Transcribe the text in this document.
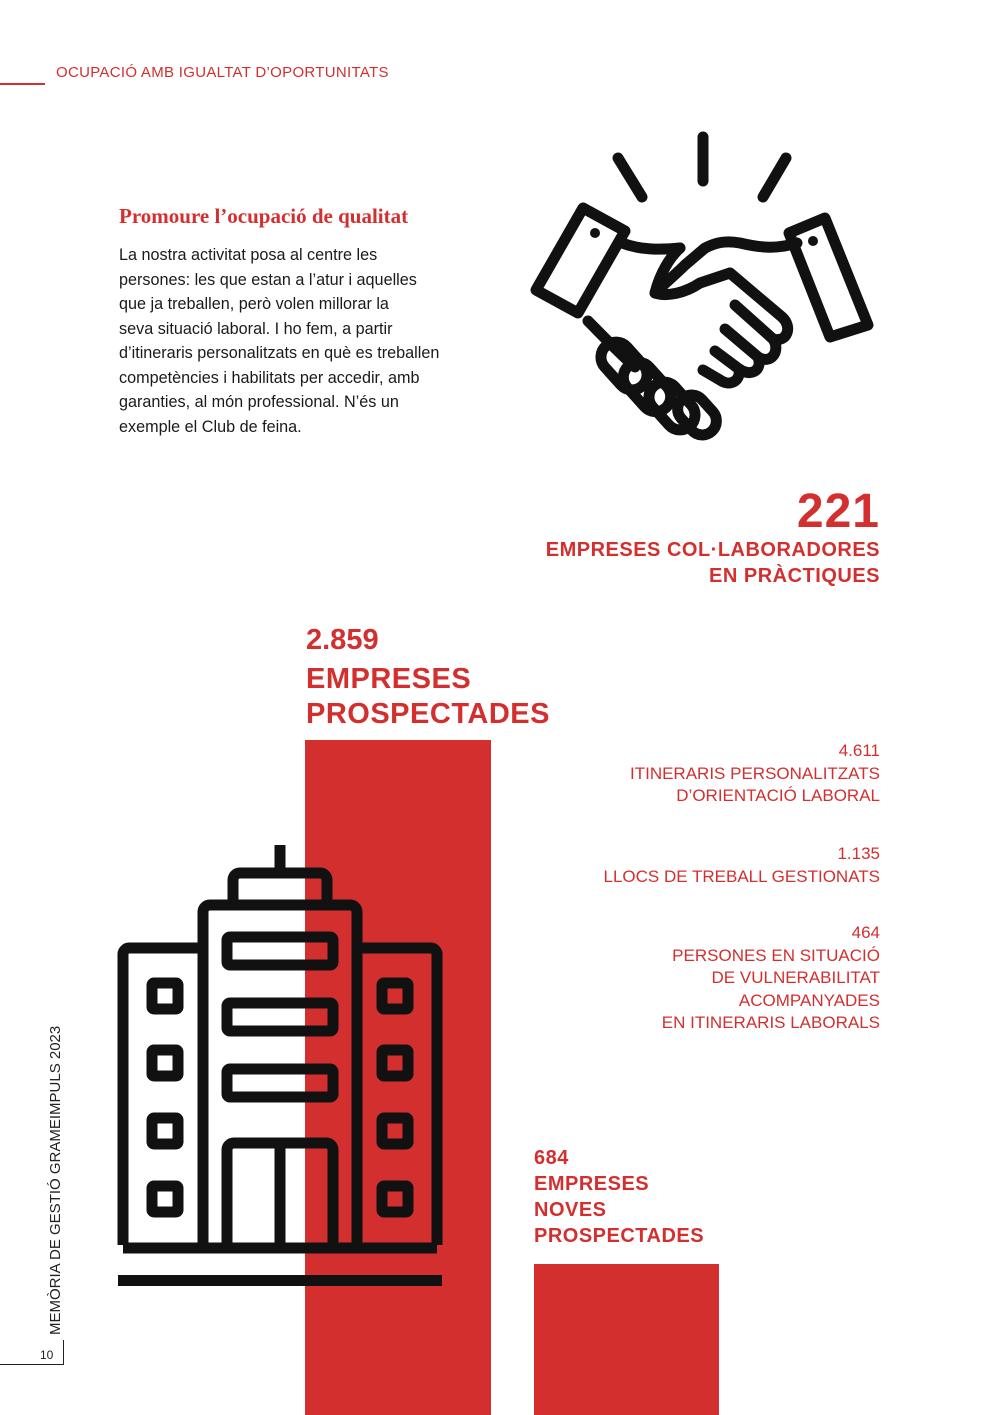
OCUPACIÓ AMB IGUALTAT D’OPORTUNITATS
Promoure l’ocupació de qualitat
La nostra activitat posa al centre les
persones: les que estan a l’atur i aquelles
que ja treballen, però volen millorar la
seva situació laboral. I ho fem, a partir
d’itineraris personalitzats en què es treballen
competències i habilitats per accedir, amb
garanties, al món professional. N’és un
exemple el Club de feina.
221
EMPRESES COL·LABORADORES
EN PRÀCTIQUES
2.859
EMPRESES
PROSPECTADES
4.611
ITINERARIS PERSONALITZATS
D’ORIENTACIÓ LABORAL
1.135
LLOCS DE TREBALL GESTIONATS
464
PERSONES EN SITUACIÓ
DE VULNERABILITAT
ACOMPANYADES
EN ITINERARIS LABORALS
684
EMPRESES
NOVES
PROSPECTADES
MEMÒRIA DE GESTIÓ GRAMEIMPULS 2023
10
